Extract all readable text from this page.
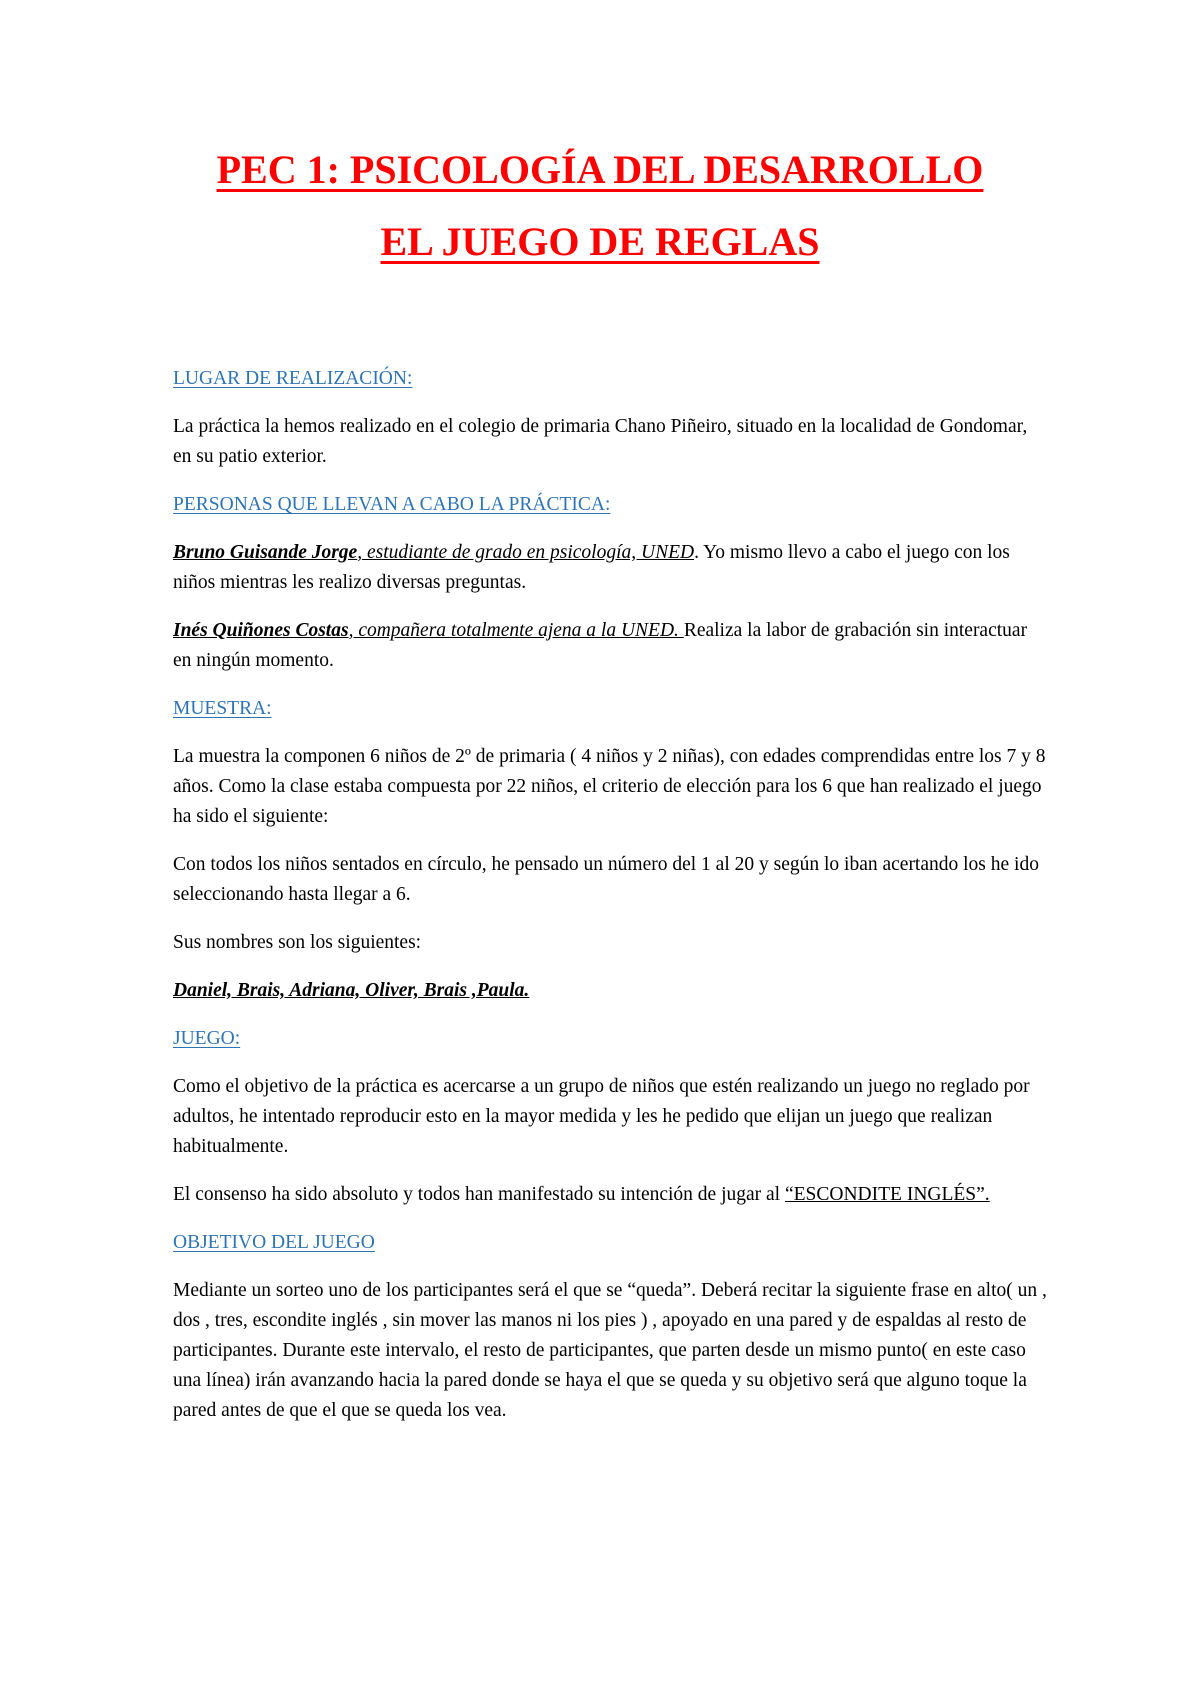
PEC 1: PSICOLOGÍA DEL DESARROLLO
EL JUEGO DE REGLAS
LUGAR DE REALIZACIÓN:

La práctica la hemos realizado en el colegio de primaria Chano Piñeiro, situado en la localidad de Gondomar, en su patio exterior.

PERSONAS QUE LLEVAN A CABO LA PRÁCTICA:

Bruno Guisande Jorge, estudiante de grado en psicología, UNED. Yo mismo llevo a cabo el juego con los niños mientras les realizo diversas preguntas.

Inés Quiñones Costas, compañera totalmente ajena a la UNED. Realiza la labor de grabación sin interactuar en ningún momento.

MUESTRA:

La muestra la componen 6 niños de 2º de primaria ( 4 niños y 2 niñas), con edades comprendidas entre los 7 y 8 años. Como la clase estaba compuesta por 22 niños, el criterio de elección para los 6 que han realizado el juego ha sido el siguiente:

Con todos los niños sentados en círculo, he pensado un número del 1 al 20 y según lo iban acertando los he ido seleccionando hasta llegar a 6.

Sus nombres son los siguientes:

Daniel, Brais, Adriana, Oliver, Brais ,Paula.

JUEGO:

Como el objetivo de la práctica es acercarse a un grupo de niños que estén realizando un juego no reglado por adultos, he intentado reproducir esto en la mayor medida y les he pedido que elijan un juego que realizan habitualmente.

El consenso ha sido absoluto y todos han manifestado su intención de jugar al “ESCONDITE INGLÉS”.

OBJETIVO DEL JUEGO

Mediante un sorteo uno de los participantes será el que se “queda”. Deberá recitar la siguiente frase en alto( un , dos , tres, escondite inglés , sin mover las manos ni los pies ) , apoyado en una pared y de espaldas al resto de participantes. Durante este intervalo, el resto de participantes, que parten desde un mismo punto( en este caso una línea) irán avanzando hacia la pared donde se haya el que se queda y su objetivo será que alguno toque la pared antes de que el que se queda los vea.
